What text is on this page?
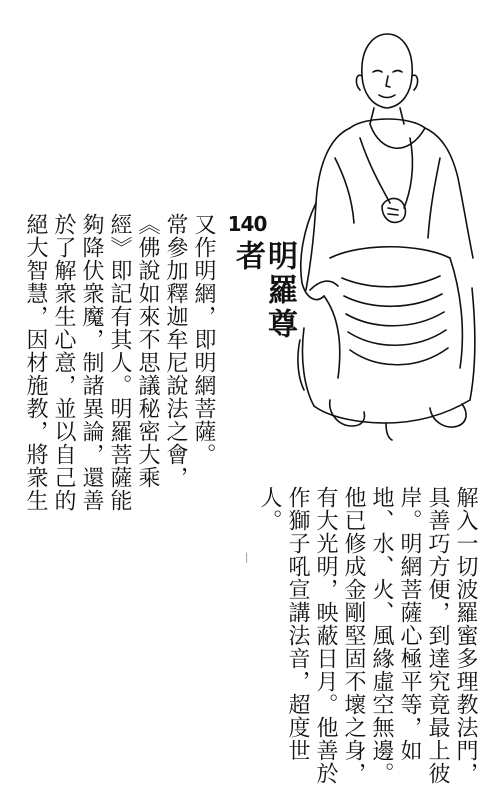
140
明羅尊者
又作明網，即明網菩薩。
常參加釋迦牟尼說法之會，
《佛說如來不思議秘密大乘
經》即記有其人。明羅菩薩能
夠降伏衆魔，制諸異論，還善
於了解衆生心意，並以自己的
絕大智慧，因材施教，將衆生
解入一切波羅蜜多理教法門，
具善巧方便，到達究竟最上彼
岸。明網菩薩心極平等，如
地、水、火、風緣虛空無邊。
他已修成金剛堅固不壞之身，
有大光明，映蔽日月。他善於
作獅子吼宣講法音，超度世
人。
|
